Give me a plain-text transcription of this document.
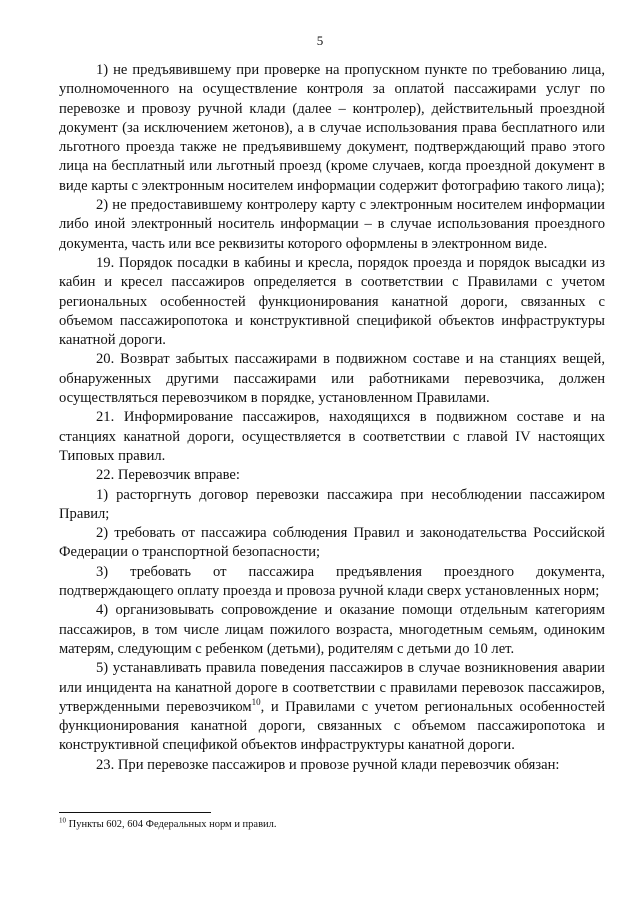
5

1) не предъявившему при проверке на пропускном пункте по требованию лица, уполномоченного на осуществление контроля за оплатой пассажирами услуг по перевозке и провозу ручной клади (далее – контролер), действительный проездной документ (за исключением жетонов), а в случае использования права бесплатного или льготного проезда также не предъявившему документ, подтверждающий право этого лица на бесплатный или льготный проезд (кроме случаев, когда проездной документ в виде карты с электронным носителем информации содержит фотографию такого лица);

2) не предоставившему контролеру карту с электронным носителем информации либо иной электронный носитель информации – в случае использования проездного документа, часть или все реквизиты которого оформлены в электронном виде.

19. Порядок посадки в кабины и кресла, порядок проезда и порядок высадки из кабин и кресел пассажиров определяется в соответствии с Правилами с учетом региональных особенностей функционирования канатной дороги, связанных с объемом пассажиропотока и конструктивной спецификой объектов инфраструктуры канатной дороги.

20. Возврат забытых пассажирами в подвижном составе и на станциях вещей, обнаруженных другими пассажирами или работниками перевозчика, должен осуществляться перевозчиком в порядке, установленном Правилами.

21. Информирование пассажиров, находящихся в подвижном составе и на станциях канатной дороги, осуществляется в соответствии с главой IV настоящих Типовых правил.

22. Перевозчик вправе:

1) расторгнуть договор перевозки пассажира при несоблюдении пассажиром Правил;

2) требовать от пассажира соблюдения Правил и законодательства Российской Федерации о транспортной безопасности;

3) требовать от пассажира предъявления проездного документа, подтверждающего оплату проезда и провоза ручной клади сверх установленных норм;

4) организовывать сопровождение и оказание помощи отдельным категориям пассажиров, в том числе лицам пожилого возраста, многодетным семьям, одиноким матерям, следующим с ребенком (детьми), родителям с детьми до 10 лет.

5) устанавливать правила поведения пассажиров в случае возникновения аварии или инцидента на канатной дороге в соответствии с правилами перевозок пассажиров, утвержденными перевозчиком$^{10}$, и Правилами с учетом региональных особенностей функционирования канатной дороги, связанных с объемом пассажиропотока и конструктивной спецификой объектов инфраструктуры канатной дороги.

23. При перевозке пассажиров и провозе ручной клади перевозчик обязан:

$^{10}$ Пункты 602, 604 Федеральных норм и правил.
